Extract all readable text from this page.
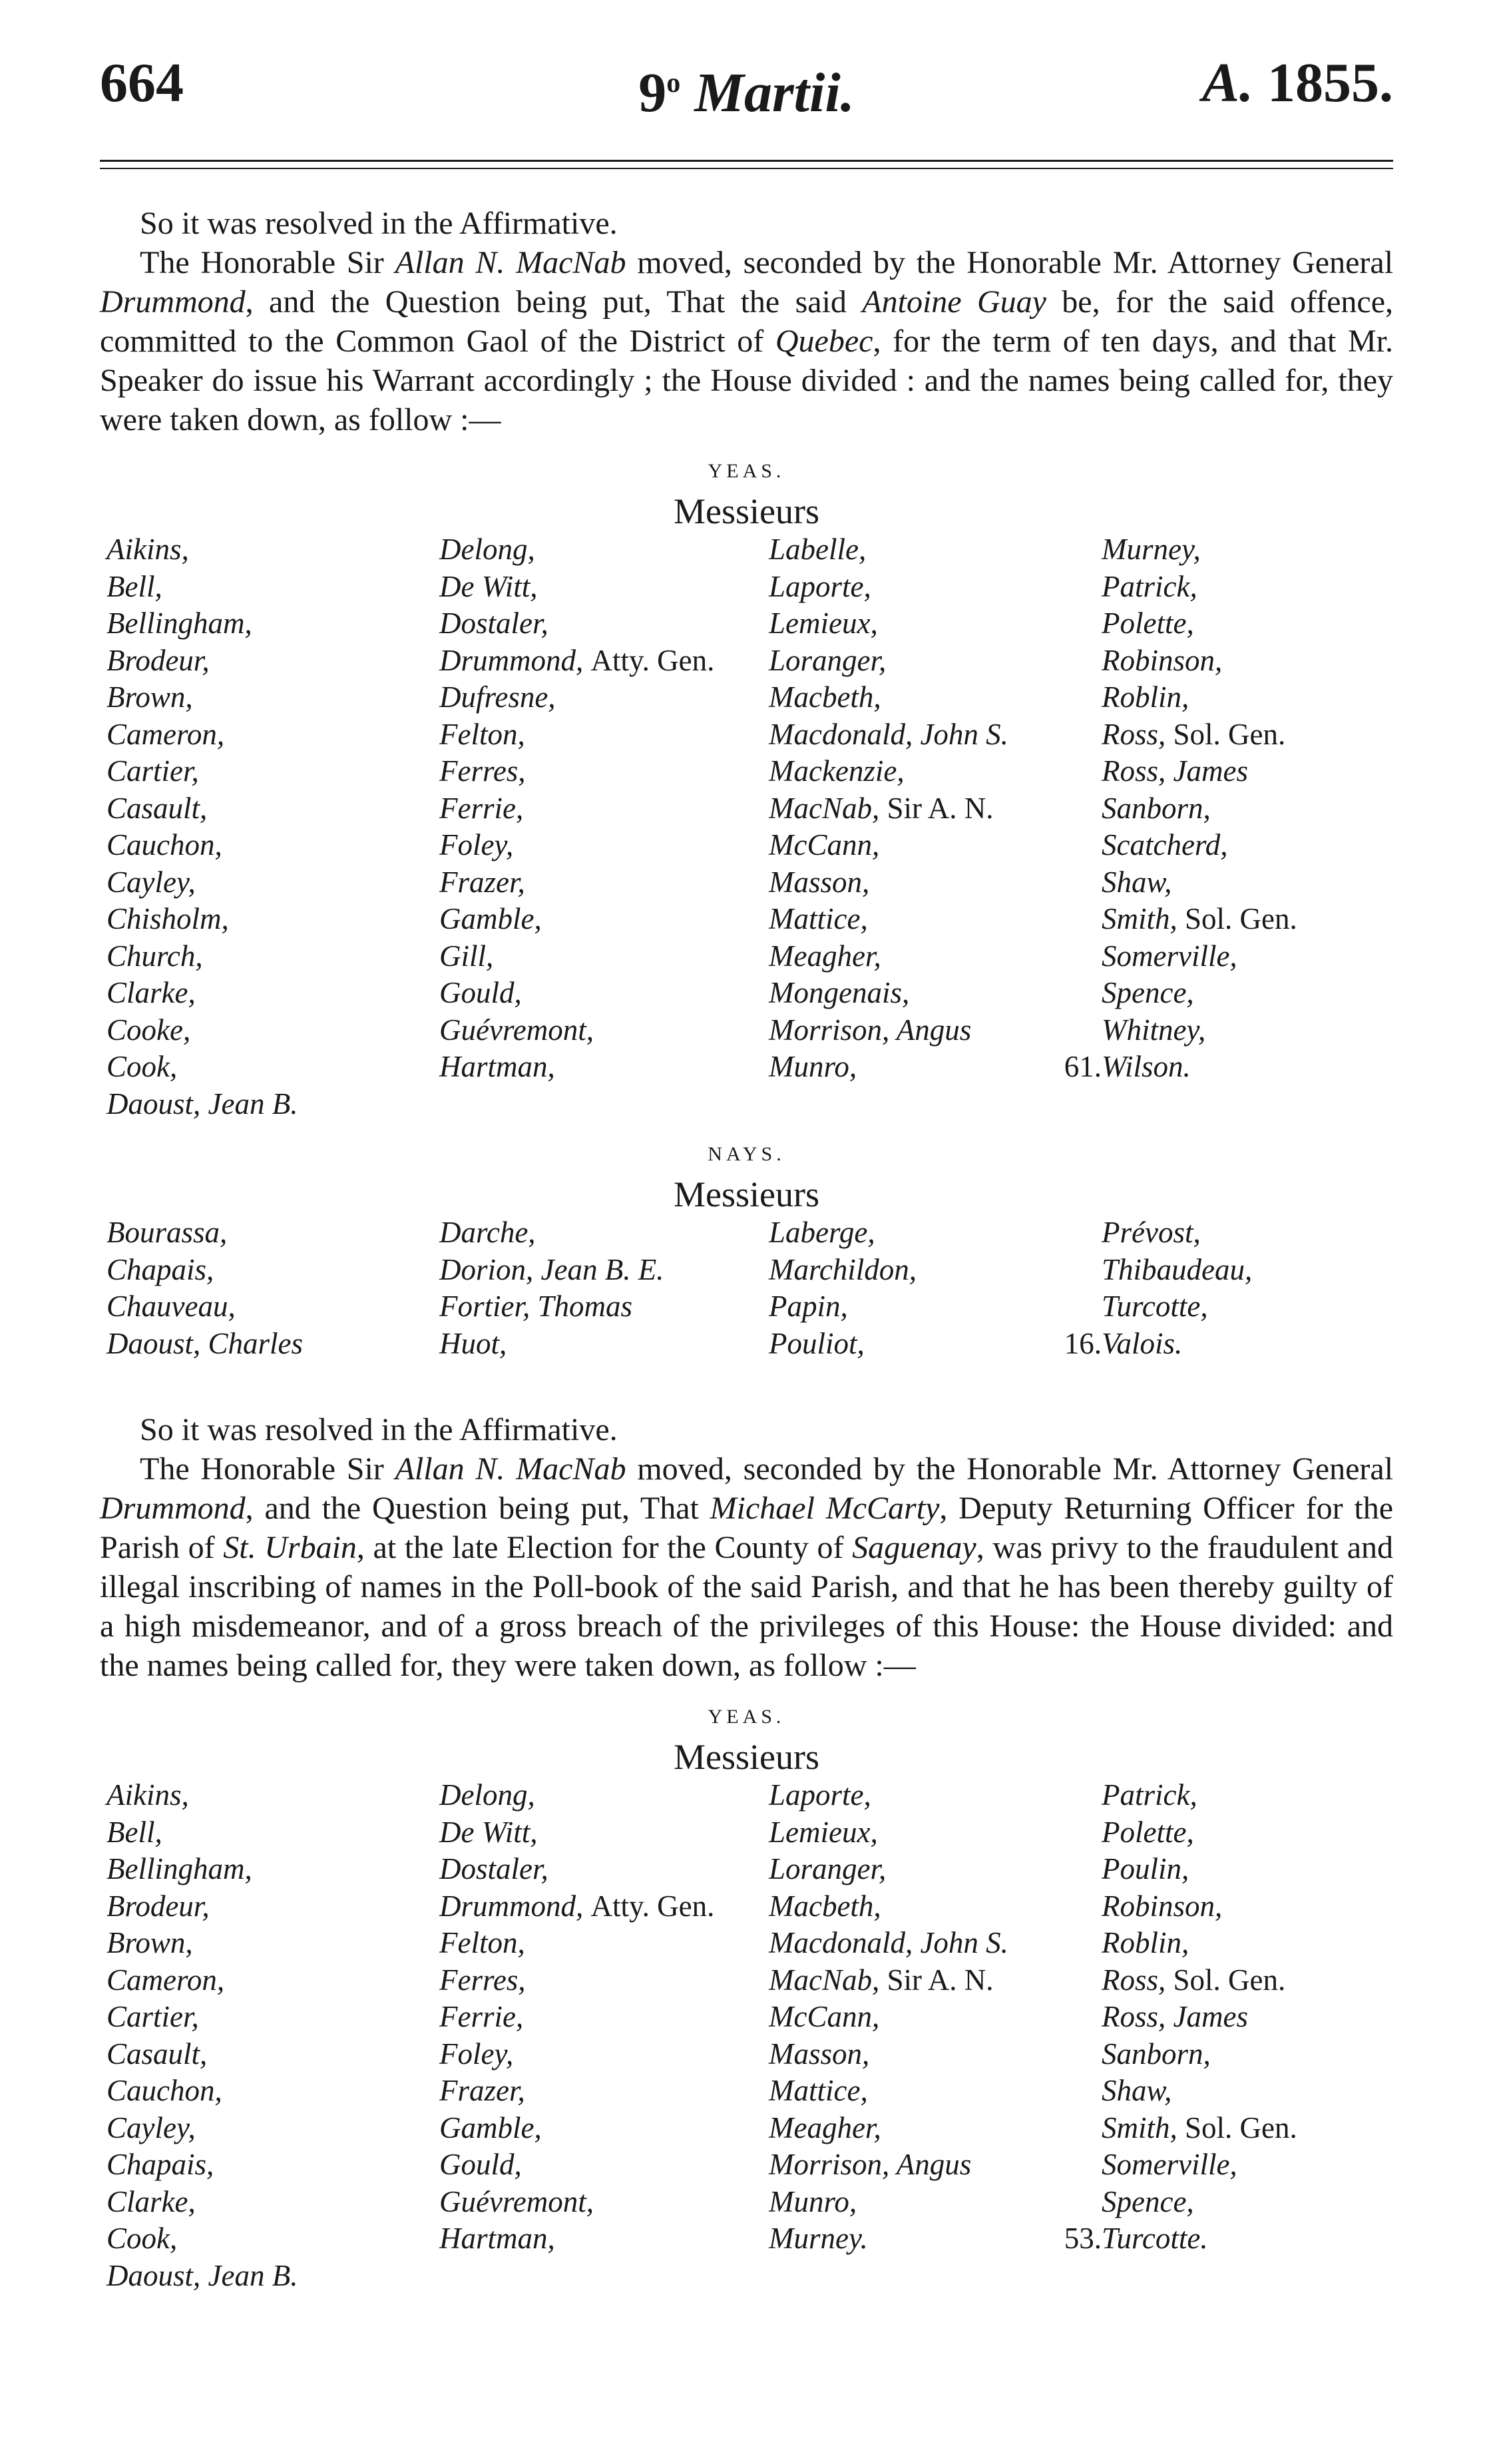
664	9$^o$ Martii.	A. 1855.

So it was resolved in the Affirmative.

The Honorable Sir Allan N. MacNab moved, seconded by the Honorable Mr. Attorney General Drummond, and the Question being put, That the said Antoine Guay be, for the said offence, committed to the Common Gaol of the District of Quebec, for the term of ten days, and that Mr. Speaker do issue his Warrant accordingly ; the House divided : and the names being called for, they were taken down, as follow :—

YEAS.

Messieurs

Aikins,	Delong,	Labelle,	Murney,
Bell,	De Witt,	Laporte,	Patrick,
Bellingham,	Dostaler,	Lemieux,	Polette,
Brodeur,	Drummond, Atty. Gen.	Loranger,	Robinson,
Brown,	Dufresne,	Macbeth,	Roblin,
Cameron,	Felton,	Macdonald, John S.	Ross, Sol. Gen.
Cartier,	Ferres,	Mackenzie,	Ross, James
Casault,	Ferrie,	MacNab, Sir A. N.	Sanborn,
Cauchon,	Foley,	McCann,	Scatcherd,
Cayley,	Frazer,	Masson,	Shaw,
Chisholm,	Gamble,	Mattice,	Smith, Sol. Gen.
Church,	Gill,	Meagher,	Somerville,
Clarke,	Gould,	Mongenais,	Spence,
Cooke,	Guévremont,	Morrison, Angus	Whitney,
Cook,	Hartman,	Munro,	61.Wilson.
Daoust, Jean B.

NAYS.

Messieurs

Bourassa,	Darche,	Laberge,	Prévost,
Chapais,	Dorion, Jean B. E.	Marchildon,	Thibaudeau,
Chauveau,	Fortier, Thomas	Papin,	Turcotte,
Daoust, Charles	Huot,	Pouliot,	16.Valois.

So it was resolved in the Affirmative.

The Honorable Sir Allan N. MacNab moved, seconded by the Honorable Mr. Attorney General Drummond, and the Question being put, That Michael McCarty, Deputy Returning Officer for the Parish of St. Urbain, at the late Election for the County of Saguenay, was privy to the fraudulent and illegal inscribing of names in the Poll-book of the said Parish, and that he has been thereby guilty of a high misdemeanor, and of a gross breach of the privileges of this House: the House divided: and the names being called for, they were taken down, as follow :—

YEAS.

Messieurs

Aikins,	Delong,	Laporte,	Patrick,
Bell,	De Witt,	Lemieux,	Polette,
Bellingham,	Dostaler,	Loranger,	Poulin,
Brodeur,	Drummond, Atty. Gen.	Macbeth,	Robinson,
Brown,	Felton,	Macdonald, John S.	Roblin,
Cameron,	Ferres,	MacNab, Sir A. N.	Ross, Sol. Gen.
Cartier,	Ferrie,	McCann,	Ross, James
Casault,	Foley,	Masson,	Sanborn,
Cauchon,	Frazer,	Mattice,	Shaw,
Cayley,	Gamble,	Meagher,	Smith, Sol. Gen.
Chapais,	Gould,	Morrison, Angus	Somerville,
Clarke,	Guévremont,	Munro,	Spence,
Cook,	Hartman,	Murney.	53.Turcotte.
Daoust, Jean B.
